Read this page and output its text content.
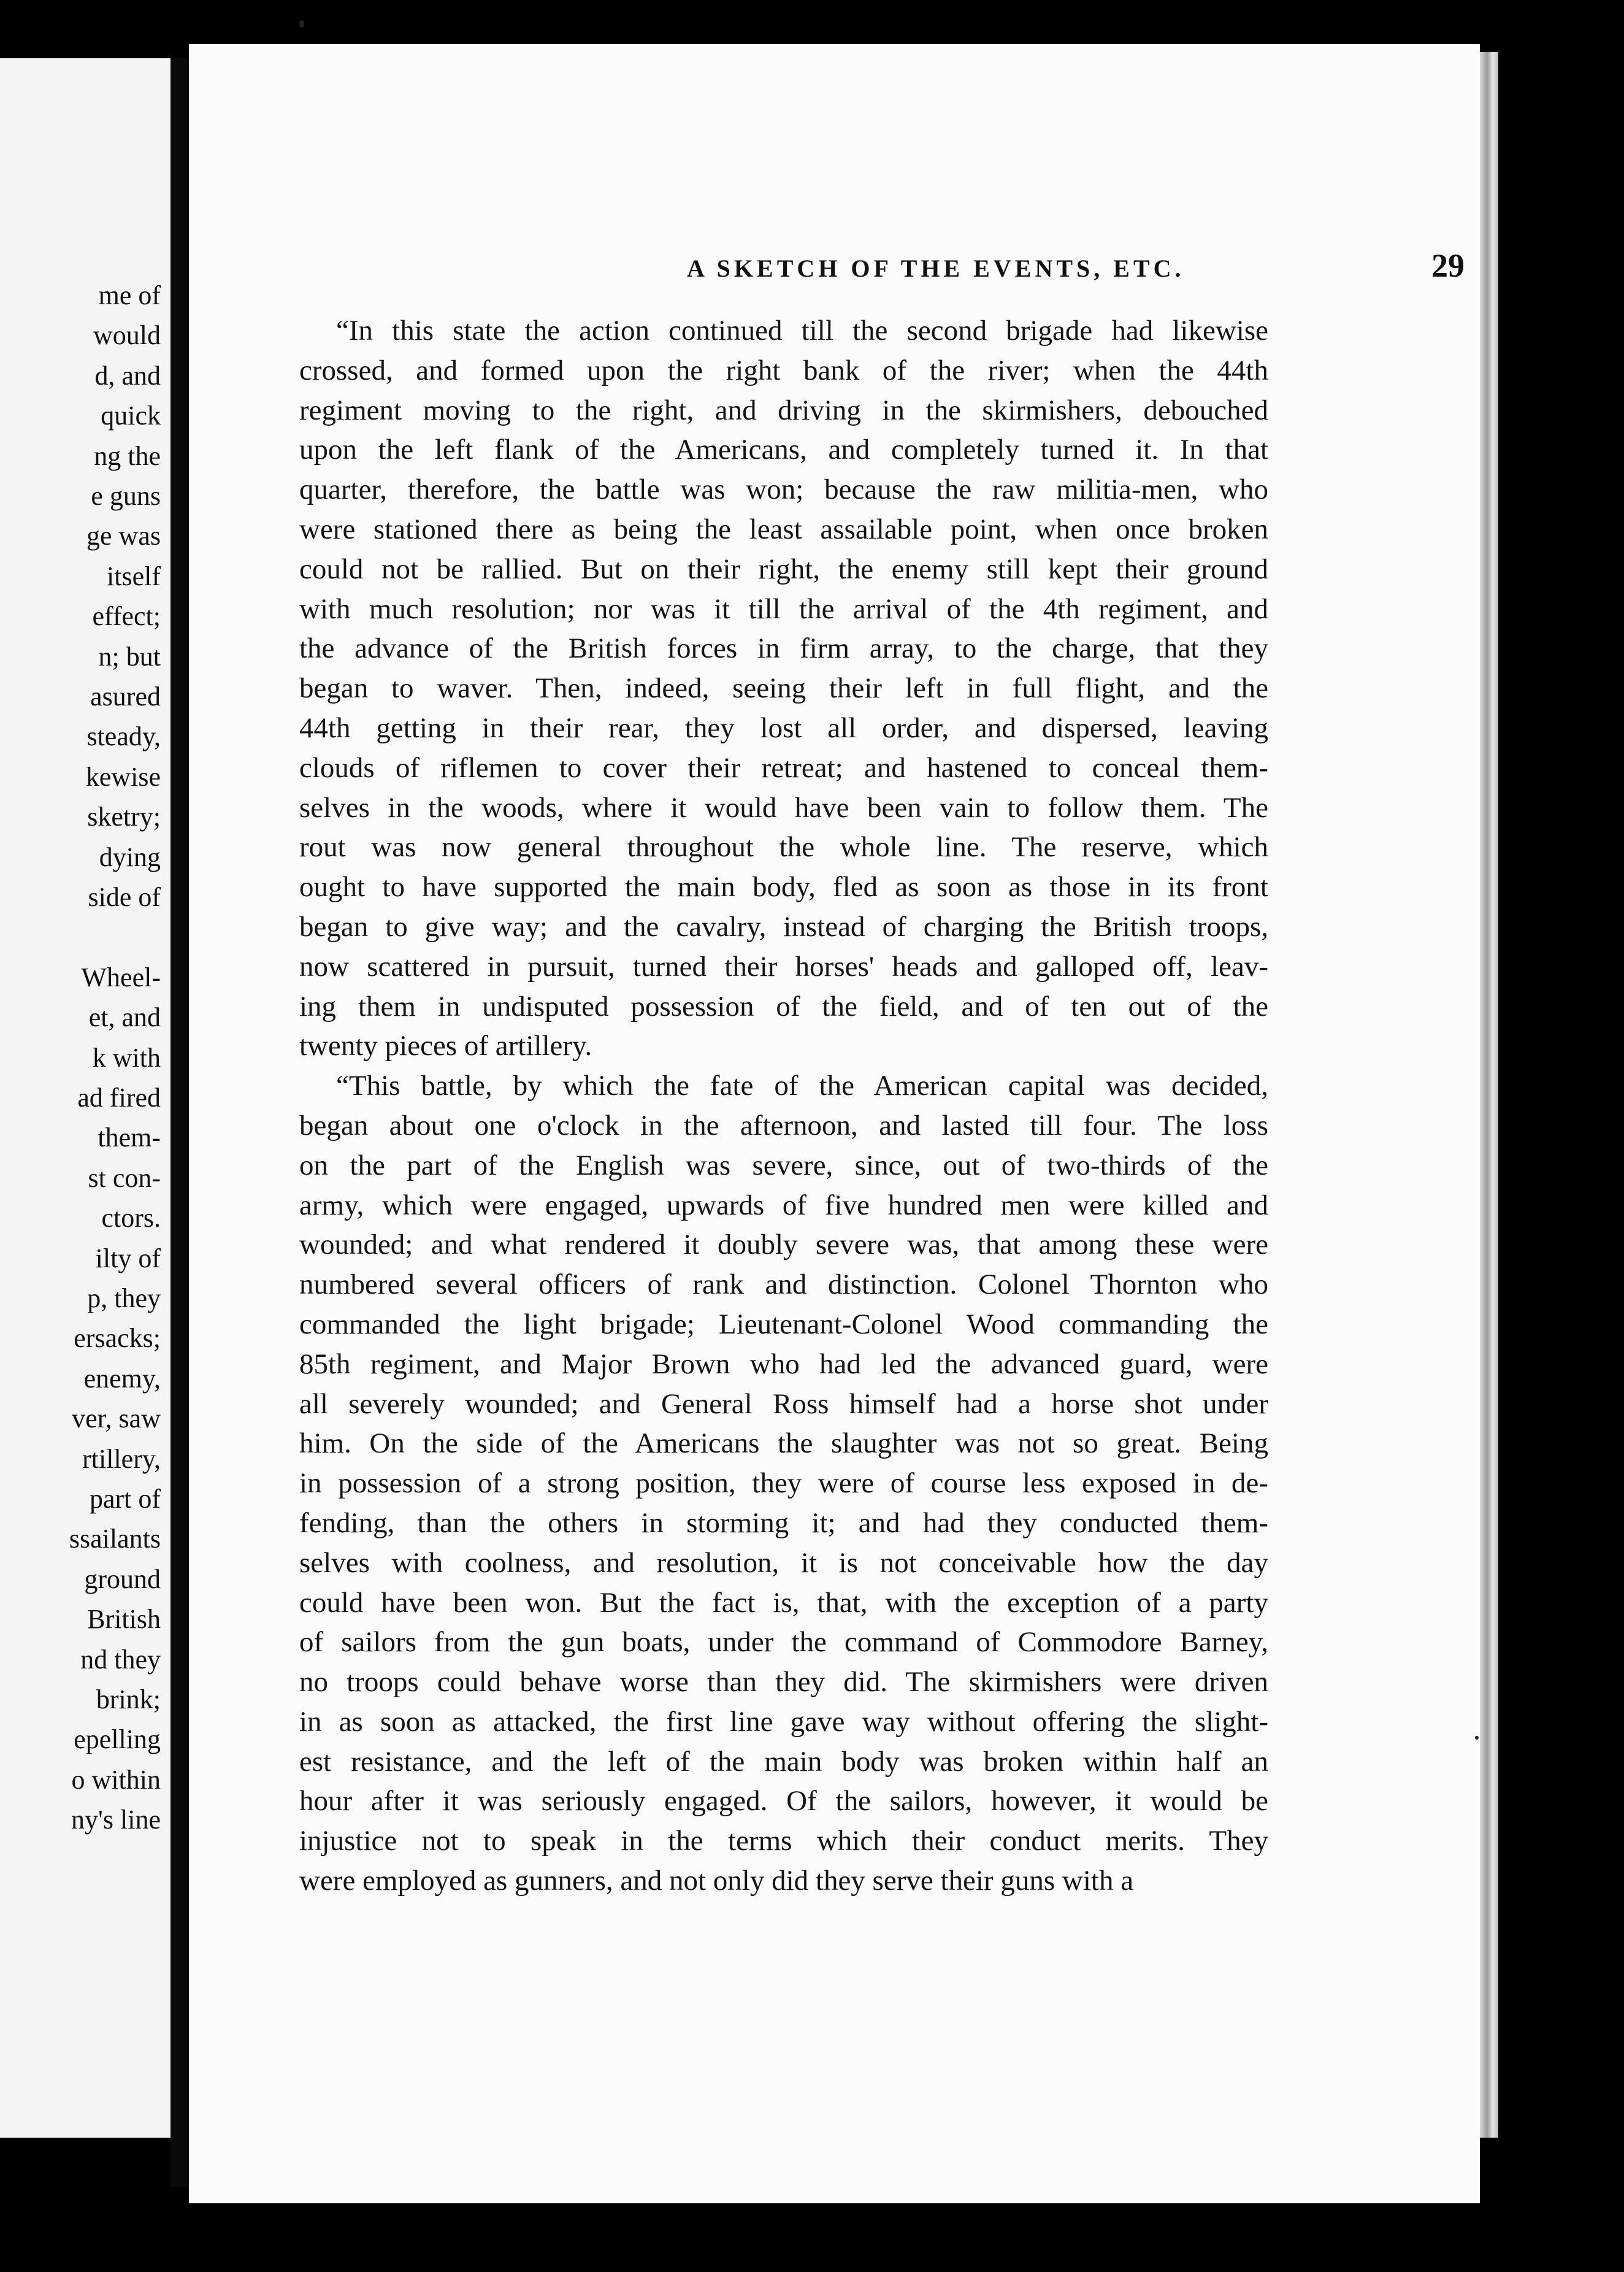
me of
would
d, and
quick
ng the
e guns
ge was
itself
effect;
n; but
asured
steady,
kewise
sketry;
dying
side of
Wheel-
et, and
k with
ad fired
them-
st con-
ctors.
ilty of
p, they
ersacks;
enemy,
ver, saw
rtillery,
part of
ssailants
ground
British
nd they
brink;
epelling
o within
ny's line
A SKETCH OF THE EVENTS, ETC.	29
“In this state the action continued till the second brigade had likewise
crossed, and formed upon the right bank of the river; when the 44th
regiment moving to the right, and driving in the skirmishers, debouched
upon the left flank of the Americans, and completely turned it. In that
quarter, therefore, the battle was won; because the raw militia-men, who
were stationed there as being the least assailable point, when once broken
could not be rallied. But on their right, the enemy still kept their ground
with much resolution; nor was it till the arrival of the 4th regiment, and
the advance of the British forces in firm array, to the charge, that they
began to waver. Then, indeed, seeing their left in full flight, and the
44th getting in their rear, they lost all order, and dispersed, leaving
clouds of riflemen to cover their retreat; and hastened to conceal them-
selves in the woods, where it would have been vain to follow them. The
rout was now general throughout the whole line. The reserve, which
ought to have supported the main body, fled as soon as those in its front
began to give way; and the cavalry, instead of charging the British troops,
now scattered in pursuit, turned their horses' heads and galloped off, leav-
ing them in undisputed possession of the field, and of ten out of the
twenty pieces of artillery.
“This battle, by which the fate of the American capital was decided,
began about one o'clock in the afternoon, and lasted till four. The loss
on the part of the English was severe, since, out of two-thirds of the
army, which were engaged, upwards of five hundred men were killed and
wounded; and what rendered it doubly severe was, that among these were
numbered several officers of rank and distinction. Colonel Thornton who
commanded the light brigade; Lieutenant-Colonel Wood commanding the
85th regiment, and Major Brown who had led the advanced guard, were
all severely wounded; and General Ross himself had a horse shot under
him. On the side of the Americans the slaughter was not so great. Being
in possession of a strong position, they were of course less exposed in de-
fending, than the others in storming it; and had they conducted them-
selves with coolness, and resolution, it is not conceivable how the day
could have been won. But the fact is, that, with the exception of a party
of sailors from the gun boats, under the command of Commodore Barney,
no troops could behave worse than they did. The skirmishers were driven
in as soon as attacked, the first line gave way without offering the slight-
est resistance, and the left of the main body was broken within half an
hour after it was seriously engaged. Of the sailors, however, it would be
injustice not to speak in the terms which their conduct merits. They
were employed as gunners, and not only did they serve their guns with a
